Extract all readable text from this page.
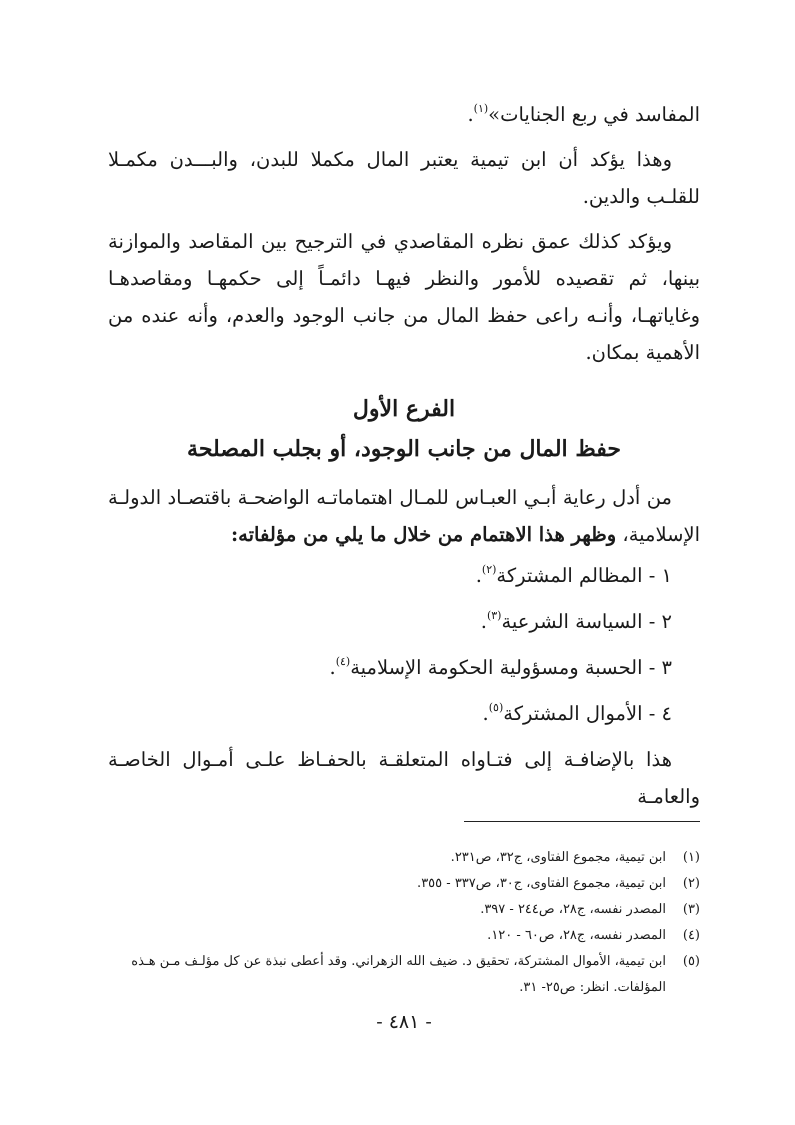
المفاسد في ربع الجنايات»$^{(١)}$.

وهذا يؤكد أن ابن تيمية يعتبر المال مكملا للبدن، والبـــدن مكمـلا للقلـب والدين.

ويؤكد كذلك عمق نظره المقاصدي في الترجيح بين المقاصد والموازنة بينها، ثم تقصيده للأمور والنظر فيهـا دائمـاً إلى حكمهـا ومقاصدهـا وغاياتهـا، وأنـه راعى حفظ المال من جانب الوجود والعدم، وأنه عنده من الأهمية بمكان.

الفرع الأول
حفظ المال من جانب الوجود، أو بجلب المصلحة

من أدل رعاية أبـي العبـاس للمـال اهتماماتـه الواضحـة باقتصـاد الدولـة الإسلامية، وظهر هذا الاهتمام من خلال ما يلي من مؤلفاته:

١ - المظالم المشتركة$^{(٢)}$.

٢ - السياسة الشرعية$^{(٣)}$.

٣ - الحسبة ومسؤولية الحكومة الإسلامية$^{(٤)}$.

٤ - الأموال المشتركة$^{(٥)}$.

هذا بالإضافـة إلى فتـاواه المتعلقـة بالحفـاظ علـى أمـوال الخاصـة والعامـة

(١)
ابن تيمية، مجموع الفتاوى، ج٣٢، ص٢٣١.

(٢)
ابن تيمية، مجموع الفتاوى، ج٣٠، ص٣٣٧ - ٣٥٥.

(٣)
المصدر نفسه، ج٢٨، ص٢٤٤ - ٣٩٧.

(٤)
المصدر نفسه، ج٢٨، ص٦٠ - ١٢٠.

(٥)
ابن تيمية، الأموال المشتركة، تحقيق د. ضيف الله الزهراني. وقد أعطى نبذة عن كل مؤلـف مـن هـذه

المؤلفات. انظر: ص٢٥- ٣١.

- ٤٨١ -
